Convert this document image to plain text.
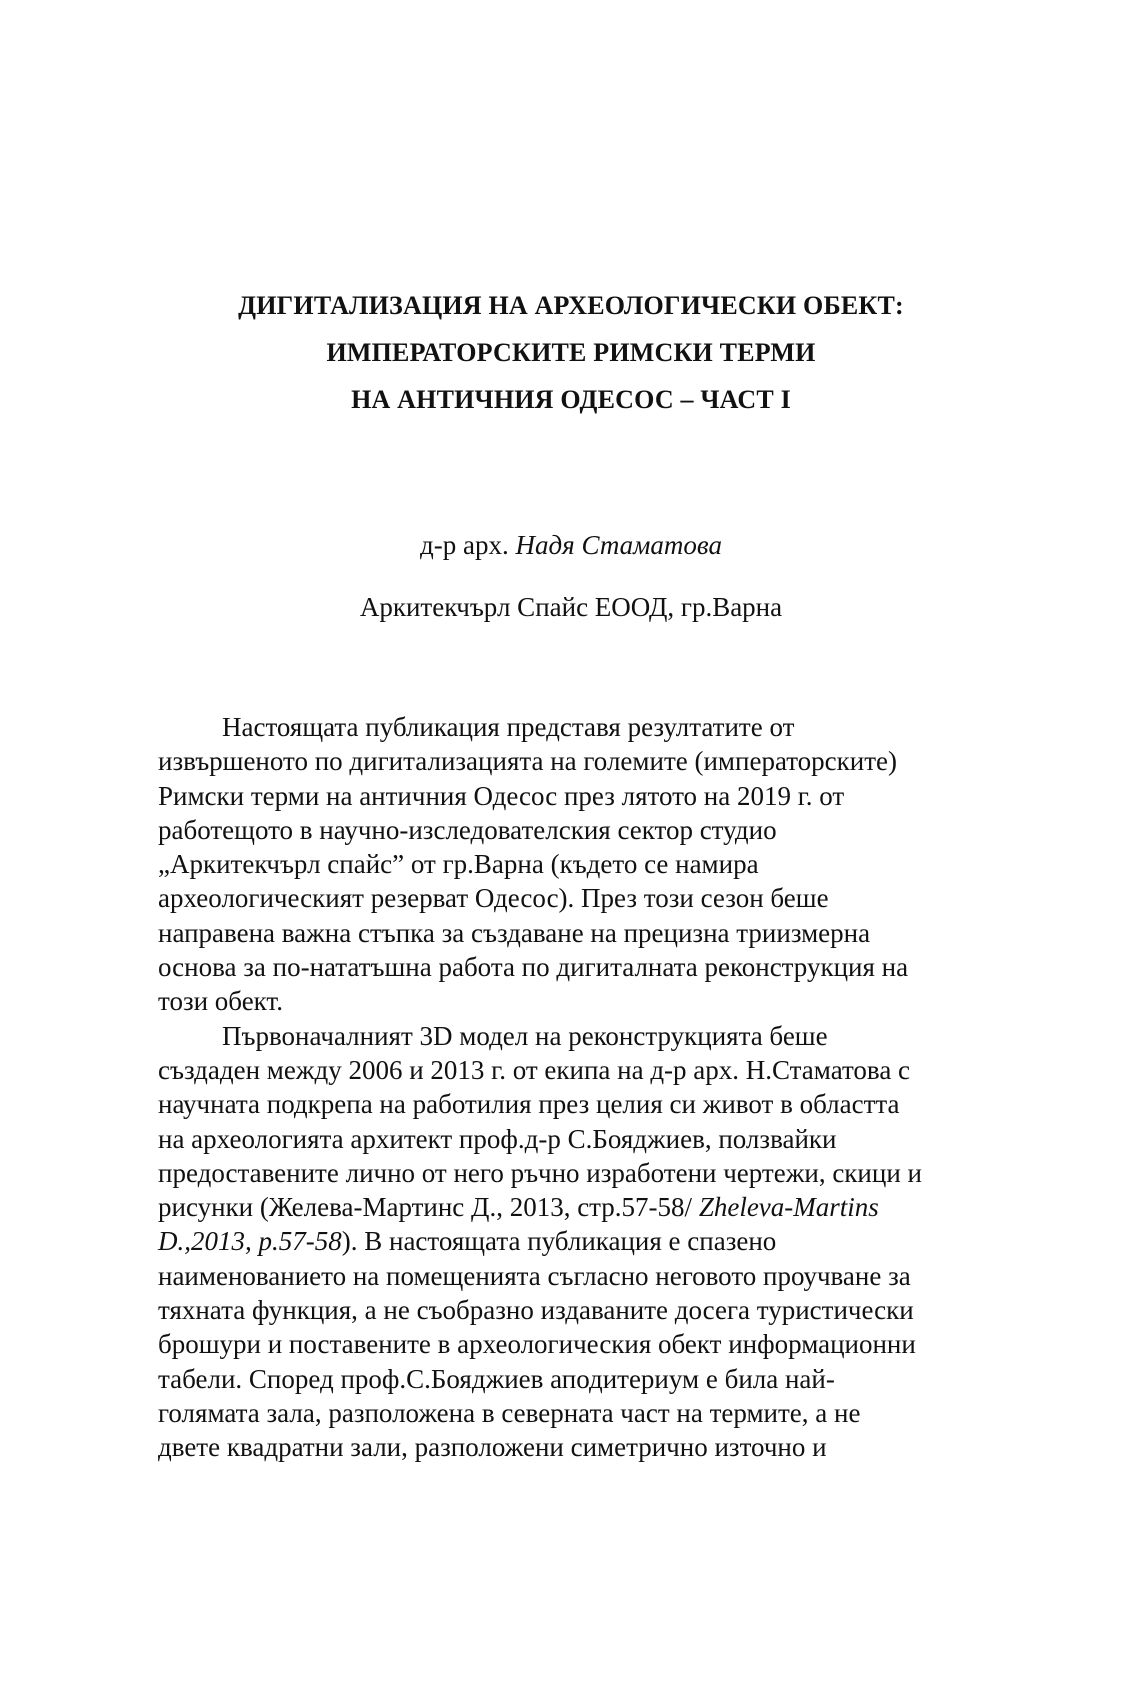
ДИГИТАЛИЗАЦИЯ НА АРХЕОЛОГИЧЕСКИ ОБЕКТ:
ИМПЕРАТОРСКИТЕ РИМСКИ ТЕРМИ
НА АНТИЧНИЯ ОДЕСОС – ЧАСТ I
д-р арх. Надя Стаматова
Аркитекчърл Спайс ЕООД, гр.Варна
Настоящата публикация представя резултатите от
извършеното по дигитализацията на големите (императорските)
Римски терми на античния Одесос през лятото на 2019 г. от
работещото в научно-изследователския сектор студио
„Аркитекчърл спайс” от гр.Варна (където се намира
археологическият резерват Одесос). През този сезон беше
направена важна стъпка за създаване на прецизна триизмерна
основа за по-нататъшна работа по дигиталната реконструкция на
този обект.
Първоначалният 3D модел на реконструкцията беше
създаден между 2006 и 2013 г. от екипа на д-р арх. Н.Стаматова с
научната подкрепа на работилия през целия си живот в областта
на археологията архитект проф.д-р С.Бояджиев, ползвайки
предоставените лично от него ръчно изработени чертежи, скици и
рисунки (Желева-Мартинс Д., 2013, стр.57-58/ Zheleva-Martins
D.,2013, p.57-58). В настоящата публикация е спазено
наименованието на помещенията съгласно неговото проучване за
тяхната функция, а не съобразно издаваните досега туристически
брошури и поставените в археологическия обект информационни
табели. Според проф.С.Бояджиев аподитериум е била най-
голямата зала, разположена в северната част на термите, а не
двете квадратни зали, разположени симетрично източно и
